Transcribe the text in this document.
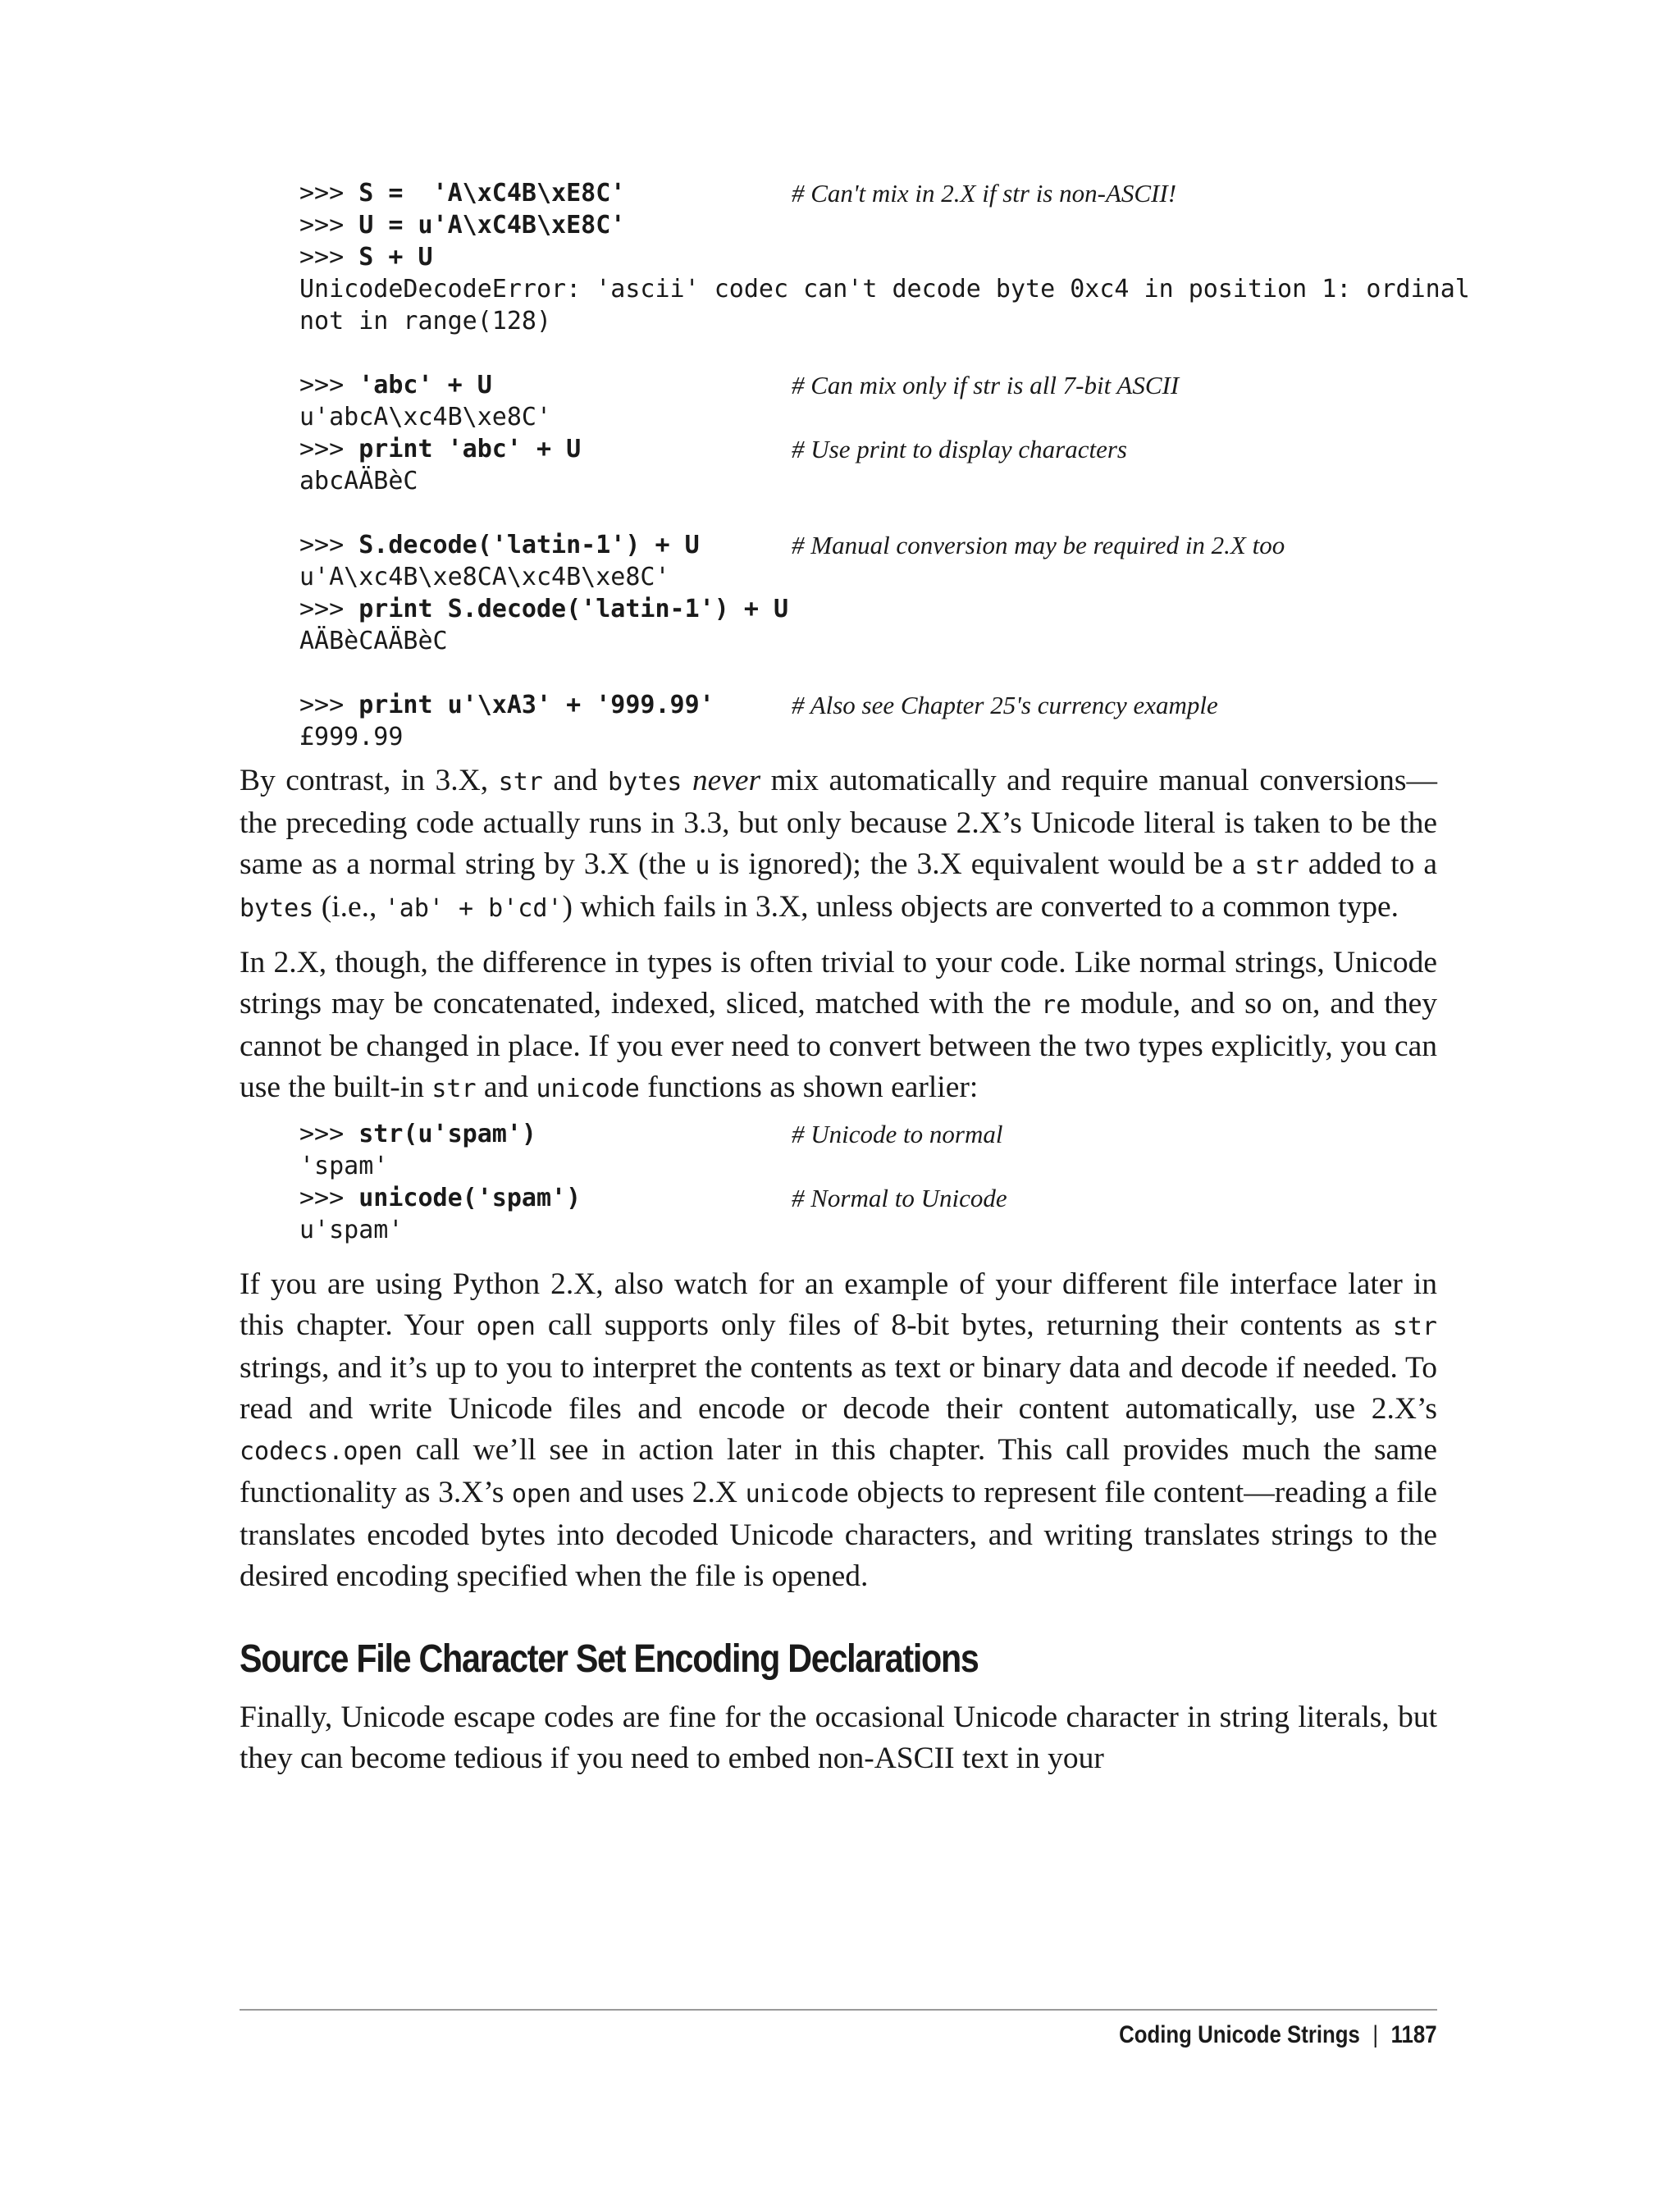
>>> S =  'A\xC4B\xE8C'	# Can't mix in 2.X if str is non-ASCII!
>>> U = u'A\xC4B\xE8C'
>>> S + U
UnicodeDecodeError: 'ascii' codec can't decode byte 0xc4 in position 1: ordinal
not in range(128)
>>> 'abc' + U	# Can mix only if str is all 7-bit ASCII
u'abcA\xc4B\xe8C'
>>> print 'abc' + U	# Use print to display characters
abcAÄBèC
>>> S.decode('latin-1') + U	# Manual conversion may be required in 2.X too
u'A\xc4B\xe8CA\xc4B\xe8C'
>>> print S.decode('latin-1') + U
AÄBèCAÄBèC
>>> print u'\xA3' + '999.99'	# Also see Chapter 25's currency example
£999.99

By contrast, in 3.X, str and bytes never mix automatically and require manual conversions—the preceding code actually runs in 3.3, but only because 2.X’s Unicode literal is taken to be the same as a normal string by 3.X (the u is ignored); the 3.X equivalent would be a str added to a bytes (i.e., 'ab' + b'cd') which fails in 3.X, unless objects are converted to a common type.

In 2.X, though, the difference in types is often trivial to your code. Like normal strings, Unicode strings may be concatenated, indexed, sliced, matched with the re module, and so on, and they cannot be changed in place. If you ever need to convert between the two types explicitly, you can use the built-in str and unicode functions as shown earlier:

>>> str(u'spam')	# Unicode to normal
'spam'
>>> unicode('spam')	# Normal to Unicode
u'spam'

If you are using Python 2.X, also watch for an example of your different file interface later in this chapter. Your open call supports only files of 8-bit bytes, returning their contents as str strings, and it’s up to you to interpret the contents as text or binary data and decode if needed. To read and write Unicode files and encode or decode their content automatically, use 2.X’s codecs.open call we’ll see in action later in this chapter. This call provides much the same functionality as 3.X’s open and uses 2.X unicode objects to represent file content—reading a file translates encoded bytes into decoded Unicode characters, and writing translates strings to the desired encoding specified when the file is opened.

Source File Character Set Encoding Declarations

Finally, Unicode escape codes are fine for the occasional Unicode character in string literals, but they can become tedious if you need to embed non-ASCII text in your

Coding Unicode Strings | 1187
